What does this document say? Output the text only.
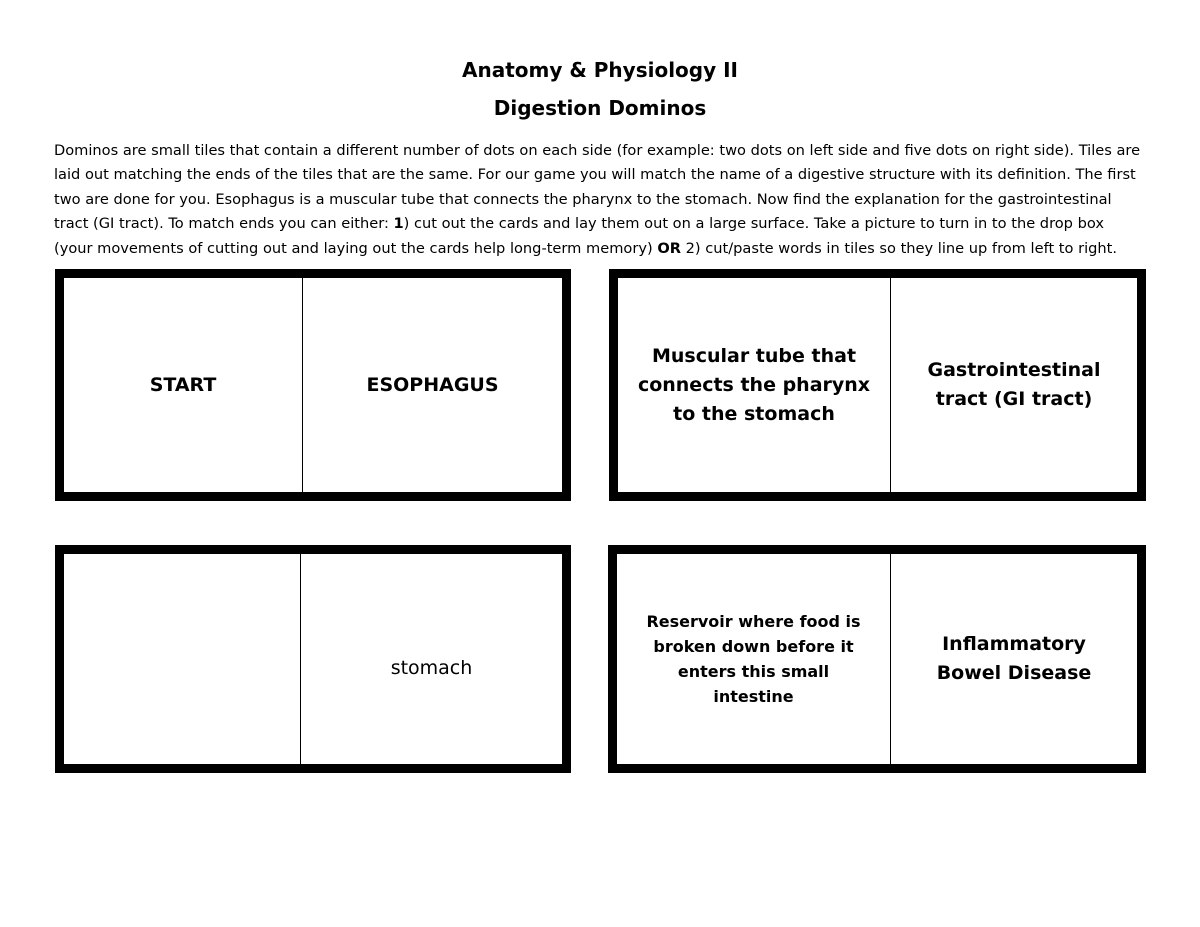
Anatomy & Physiology II
Digestion Dominos
Dominos are small tiles that contain a different number of dots on each side (for example: two dots on left side and five dots on right side). Tiles are
laid out matching the ends of the tiles that are the same. For our game you will match the name of a digestive structure with its definition. The first
two are done for you. Esophagus is a muscular tube that connects the pharynx to the stomach. Now find the explanation for the gastrointestinal
tract (GI tract). To match ends you can either: 1) cut out the cards and lay them out on a large surface. Take a picture to turn in to the drop box
(your movements of cutting out and laying out the cards help long-term memory) OR 2) cut/paste words in tiles so they line up from left to right.
START	ESOPHAGUS
Muscular tube that connects the pharynx to the stomach
Gastrointestinal tract (GI tract)
stomach
Reservoir where food is broken down before it enters this small intestine
Inflammatory Bowel Disease
